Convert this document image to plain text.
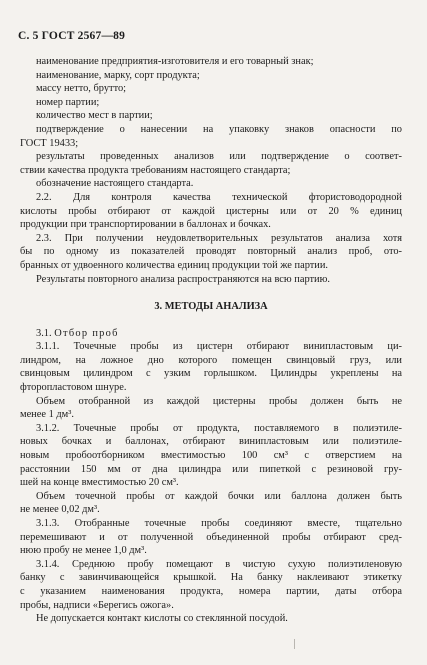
С. 5 ГОСТ 2567—89
наименование предприятия-изготовителя и его товарный знак;
наименование, марку, сорт продукта;
массу нетто, брутто;
номер партии;
количество мест в партии;
подтверждение о нанесении на упаковку знаков опасности по
ГОСТ 19433;
результаты проведенных анализов или подтверждение о соответ-
ствии качества продукта требованиям настоящего стандарта;
обозначение настоящего стандарта.
2.2. Для контроля качества технической фтористоводородной
кислоты пробы отбирают от каждой цистерны или от 20 % единиц
продукции при транспортировании в баллонах и бочках.
2.3. При получении неудовлетворительных результатов анализа хотя
бы по одному из показателей проводят повторный анализ проб, ото-
бранных от удвоенного количества единиц продукции той же партии.
Результаты повторного анализа распространяются на всю партию.
3. МЕТОДЫ АНАЛИЗА
3.1. Отбор проб
3.1.1. Точечные пробы из цистерн отбирают винипластовым ци-
линдром, на ложное дно которого помещен свинцовый груз, или
свинцовым цилиндром с узким горлышком. Цилиндры укреплены на
фторопластовом шнуре.
Объем отобранной из каждой цистерны пробы должен быть не
менее 1 дм³.
3.1.2. Точечные пробы от продукта, поставляемого в полиэтиле-
новых бочках и баллонах, отбирают винипластовым или полиэтиле-
новым пробоотборником вместимостью 100 см³ с отверстием на
расстоянии 150 мм от дна цилиндра или пипеткой с резиновой гру-
шей на конце вместимостью 20 см³.
Объем точечной пробы от каждой бочки или баллона должен быть
не менее 0,02 дм³.
3.1.3. Отобранные точечные пробы соединяют вместе, тщательно
перемешивают и от полученной объединенной пробы отбирают сред-
нюю пробу не менее 1,0 дм³.
3.1.4. Среднюю пробу помещают в чистую сухую полиэтиленовую
банку с завинчивающейся крышкой. На банку наклеивают этикетку
с указанием наименования продукта, номера партии, даты отбора
пробы, надписи «Берегись ожога».
Не допускается контакт кислоты со стеклянной посудой.
